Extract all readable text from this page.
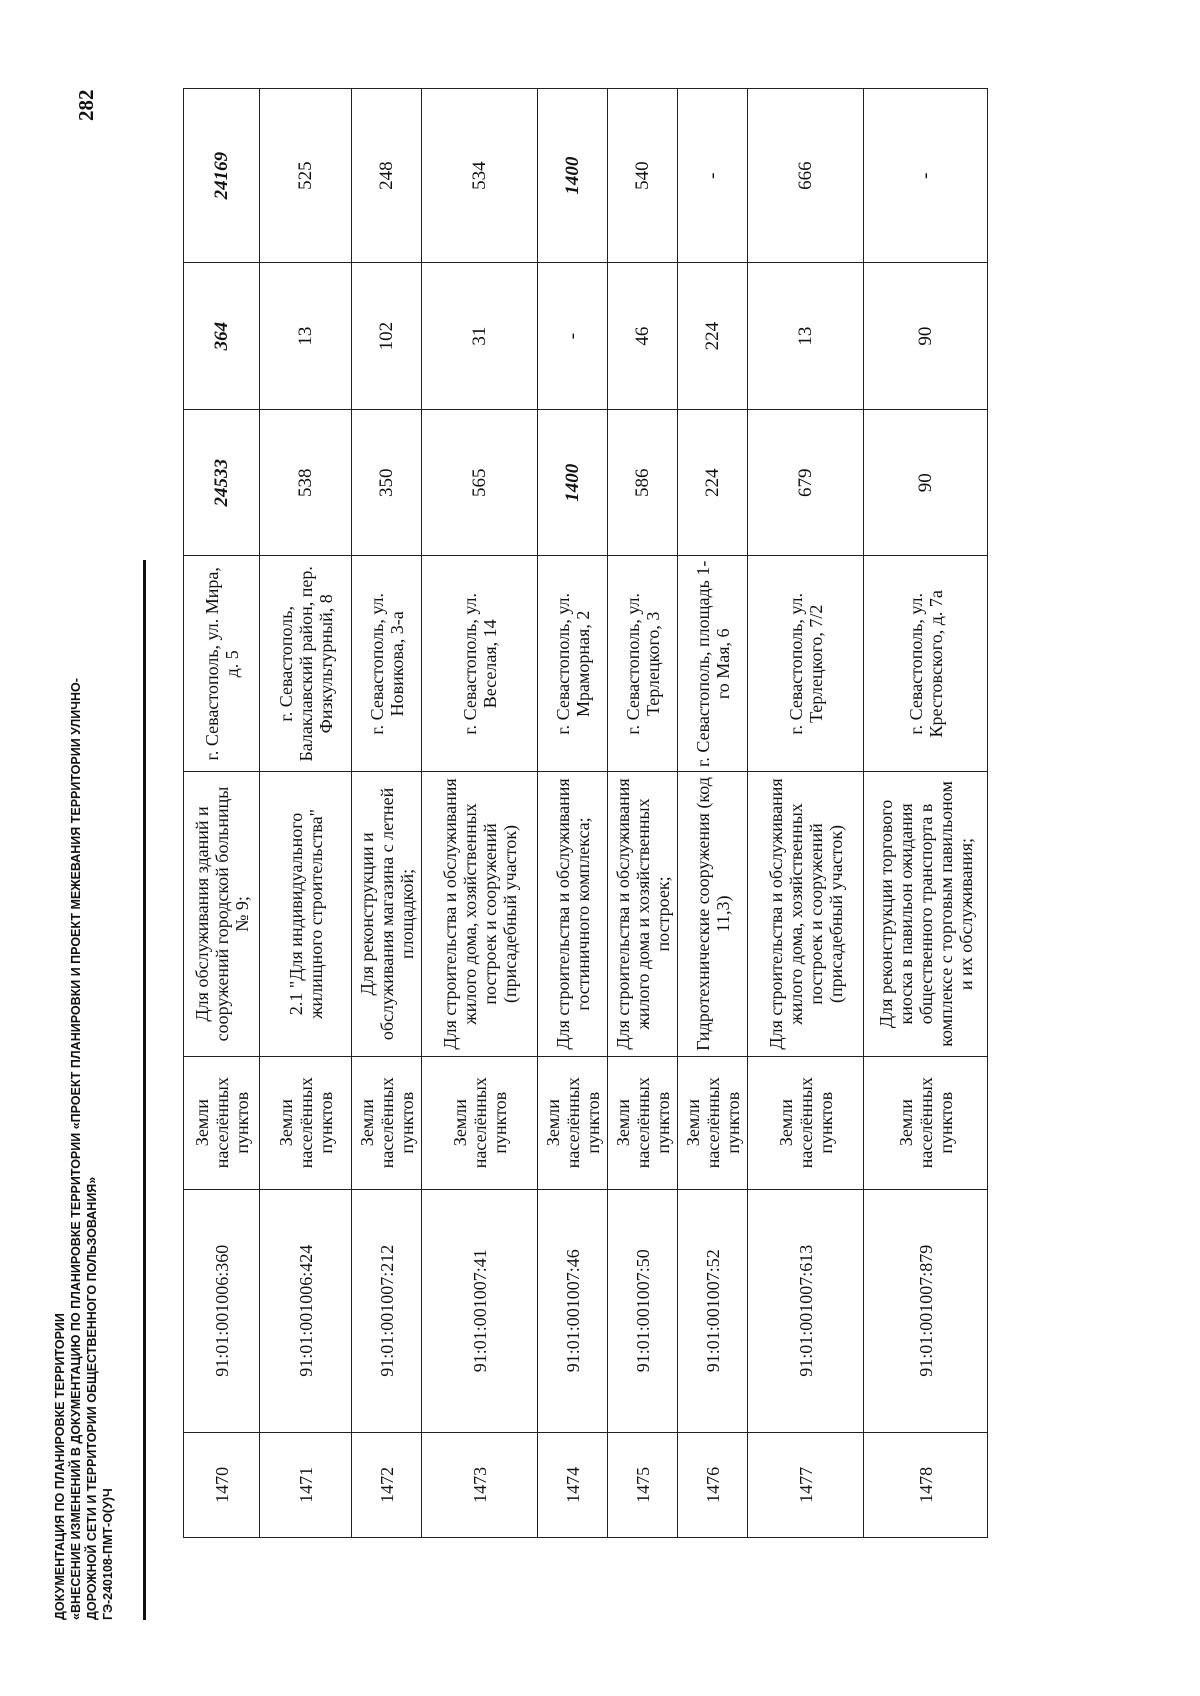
ДОКУМЕНТАЦИЯ ПО ПЛАНИРОВКЕ ТЕРРИТОРИИ «ВНЕСЕНИЕ ИЗМЕНЕНИЙ В ДОКУМЕНТАЦИЮ ПО ПЛАНИРОВКЕ ТЕРРИТОРИИ «ПРОЕКТ ПЛАНИРОВКИ И ПРОЕКТ МЕЖЕВАНИЯ ТЕРРИТОРИИ УЛИЧНО- ДОРОЖНОЙ СЕТИ И ТЕРРИТОРИИ ОБЩЕСТВЕННОГО ПОЛЬЗОВАНИЯ» ГЭ-240108-ПМТ-О(У)Ч
282
1470	91:01:001006:360	Земли населённых пунктов	Для обслуживания зданий и сооружений городской больницы № 9;	г. Севастополь, ул. Мира, д. 5	24533	364	24169
1471	91:01:001006:424	Земли населённых пунктов	2.1 "Для индивидуального жилищного строительства"	г. Севастополь, Балаклавский район, пер. Физкультурный, 8	538	13	525
1472	91:01:001007:212	Земли населённых пунктов	Для реконструкции и обслуживания магазина с летней площадкой;	г. Севастополь, ул. Новикова, 3-а	350	102	248
1473	91:01:001007:41	Земли населённых пунктов	Для строительства и обслуживания жилого дома, хозяйственных построек и сооружений (присадебный участок)	г. Севастополь, ул. Веселая, 14	565	31	534
1474	91:01:001007:46	Земли населённых пунктов	Для строительства и обслуживания гостиничного комплекса;	г. Севастополь, ул. Мраморная, 2	1400	-	1400
1475	91:01:001007:50	Земли населённых пунктов	Для строительства и обслуживания жилого дома и хозяйственных построек;	г. Севастополь, ул. Терлецкого, 3	586	46	540
1476	91:01:001007:52	Земли населённых пунктов	Гидротехнические сооружения (код 11,3)	г. Севастополь, площадь 1-го Мая, 6	224	224	-
1477	91:01:001007:613	Земли населённых пунктов	Для строительства и обслуживания жилого дома, хозяйственных построек и сооружений (присадебный участок)	г. Севастополь, ул. Терлецкого, 7/2	679	13	666
1478	91:01:001007:879	Земли населённых пунктов	Для реконструкции торгового киоска в павильон ожидания общественного транспорта в комплексе с торговым павильоном и их обслуживания;	г. Севастополь, ул. Крестовского, д. 7а	90	90	-
